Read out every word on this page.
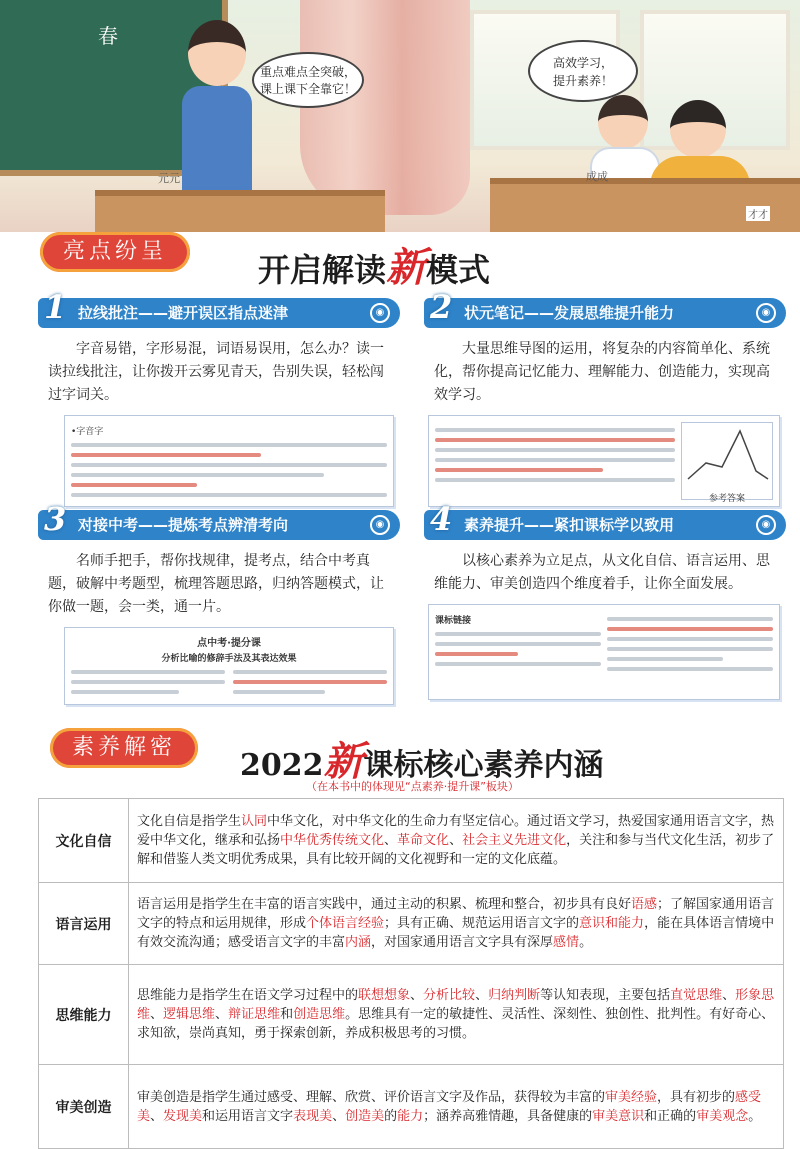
春
重点难点全突破，
课上课下全靠它！
高效学习，
提升素养！
元元	成成
才才
亮点纷呈	开启解读新模式
1 拉线批注——避开误区指点迷津	◉

字音易错，字形易混，词语易误用，怎么办？读一读拉线批注，让你拨开云雾见青天，告别失误，轻松闯过字词关。

•字音字
2 状元笔记——发展思维提升能力	◉

大量思维导图的运用，将复杂的内容简单化、系统化，帮你提高记忆能力、理解能力、创造能力，实现高效学习。

参考答案
3 对接中考——提炼考点辨清考向	◉

名师手把手，帮你找规律，提考点，结合中考真题，破解中考题型，梳理答题思路，归纳答题模式，让你做一题，会一类，通一片。

点中考·提分课
分析比喻的修辞手法及其表达效果
4 素养提升——紧扣课标学以致用	◉

以核心素养为立足点，从文化自信、语言运用、思维能力、审美创造四个维度着手，让你全面发展。

课标链接
素养解密
2022新课标核心素养内涵
（在本书中的体现见“点素养·提升课”板块）
文化自信	文化自信是指学生认同中华文化，对中华文化的生命力有坚定信心。通过语文学习，热爱国家通用语言文字，热爱中华文化，继承和弘扬中华优秀传统文化、革命文化、社会主义先进文化，关注和参与当代文化生活，初步了解和借鉴人类文明优秀成果，具有比较开阔的文化视野和一定的文化底蕴。
语言运用	语言运用是指学生在丰富的语言实践中，通过主动的积累、梳理和整合，初步具有良好语感；了解国家通用语言文字的特点和运用规律，形成个体语言经验；具有正确、规范运用语言文字的意识和能力，能在具体语言情境中有效交流沟通；感受语言文字的丰富内涵，对国家通用语言文字具有深厚感情。
思维能力	思维能力是指学生在语文学习过程中的联想想象、分析比较、归纳判断等认知表现，主要包括直觉思维、形象思维、逻辑思维、辩证思维和创造思维。思维具有一定的敏捷性、灵活性、深刻性、独创性、批判性。有好奇心、求知欲，崇尚真知，勇于探索创新，养成积极思考的习惯。
审美创造	审美创造是指学生通过感受、理解、欣赏、评价语言文字及作品，获得较为丰富的审美经验，具有初步的感受美、发现美和运用语言文字表现美、创造美的能力；涵养高雅情趣，具备健康的审美意识和正确的审美观念。
